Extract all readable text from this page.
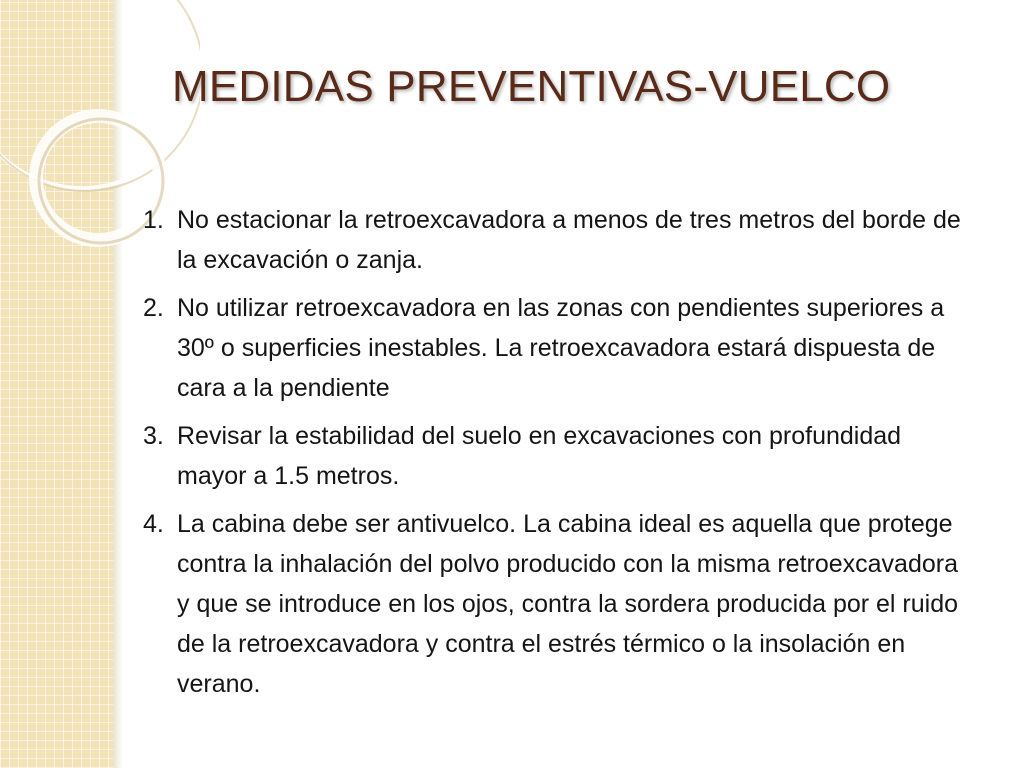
MEDIDAS PREVENTIVAS-VUELCO
1. No estacionar la retroexcavadora a menos de tres metros del borde de la excavación o zanja.
2. No utilizar retroexcavadora en las zonas con pendientes superiores a 30º o superficies inestables. La retroexcavadora estará dispuesta de cara a la pendiente
3. Revisar la estabilidad del suelo en excavaciones con profundidad mayor a 1.5 metros.
4. La cabina debe ser antivuelco. La cabina ideal es aquella que protege contra la inhalación del polvo producido con la misma retroexcavadora y que se introduce en los ojos, contra la sordera producida por el ruido de la retroexcavadora y contra el estrés térmico o la insolación en verano.
